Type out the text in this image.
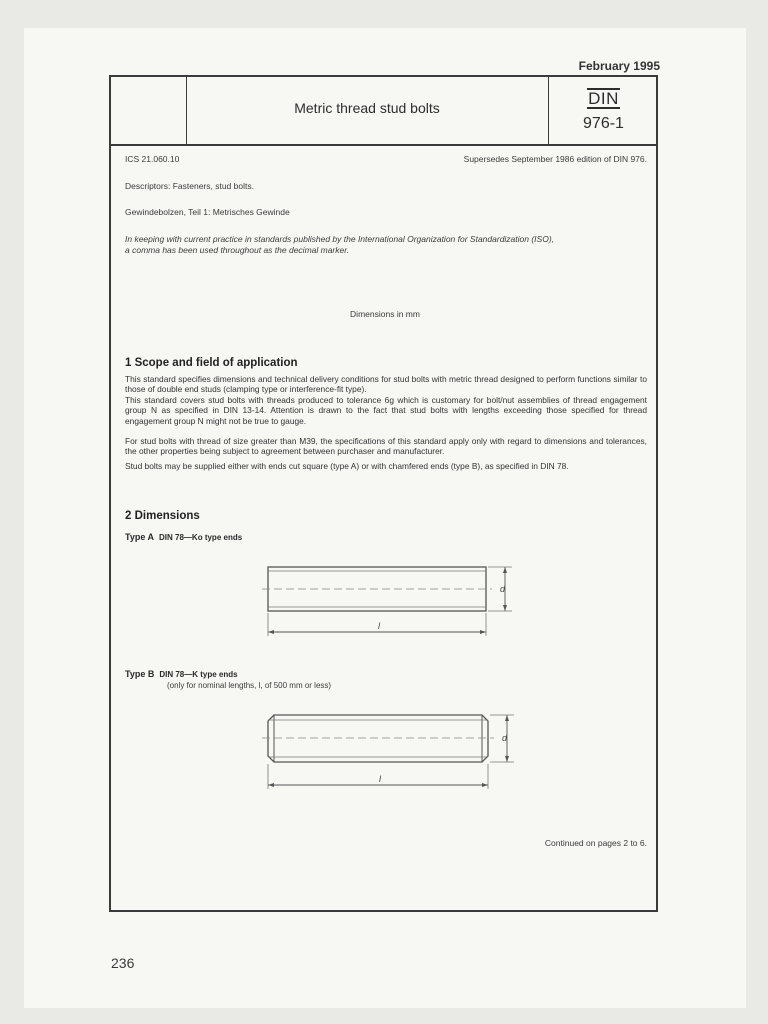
February 1995
Metric thread stud bolts	DIN
976-1
ICS 21.060.10	Supersedes September 1986 edition of DIN 976.
Descriptors: Fasteners, stud bolts.
Gewindebolzen, Teil 1: Metrisches Gewinde
In keeping with current practice in standards published by the International Organization for Standardization (ISO),
a comma has been used throughout as the decimal marker.
Dimensions in mm
1 Scope and field of application
This standard specifies dimensions and technical delivery conditions for stud bolts with metric thread designed to perform functions similar to those of double end studs (clamping type or interference-fit type).
This standard covers stud bolts with threads produced to tolerance 6g which is customary for bolt/nut assemblies of thread engagement group N as specified in DIN 13-14. Attention is drawn to the fact that stud bolts with lengths exceeding those specified for thread engagement group N might not be true to gauge.
For stud bolts with thread of size greater than M39, the specifications of this standard apply only with regard to dimensions and tolerances, the other properties being subject to agreement between purchaser and manufacturer.
Stud bolts may be supplied either with ends cut square (type A) or with chamfered ends (type B), as specified in DIN 78.
2 Dimensions
Type A DIN 78—Ko type ends
d
l
Type B DIN 78—K type ends
(only for nominal lengths, l, of 500 mm or less)
d
l
Continued on pages 2 to 6.
236
